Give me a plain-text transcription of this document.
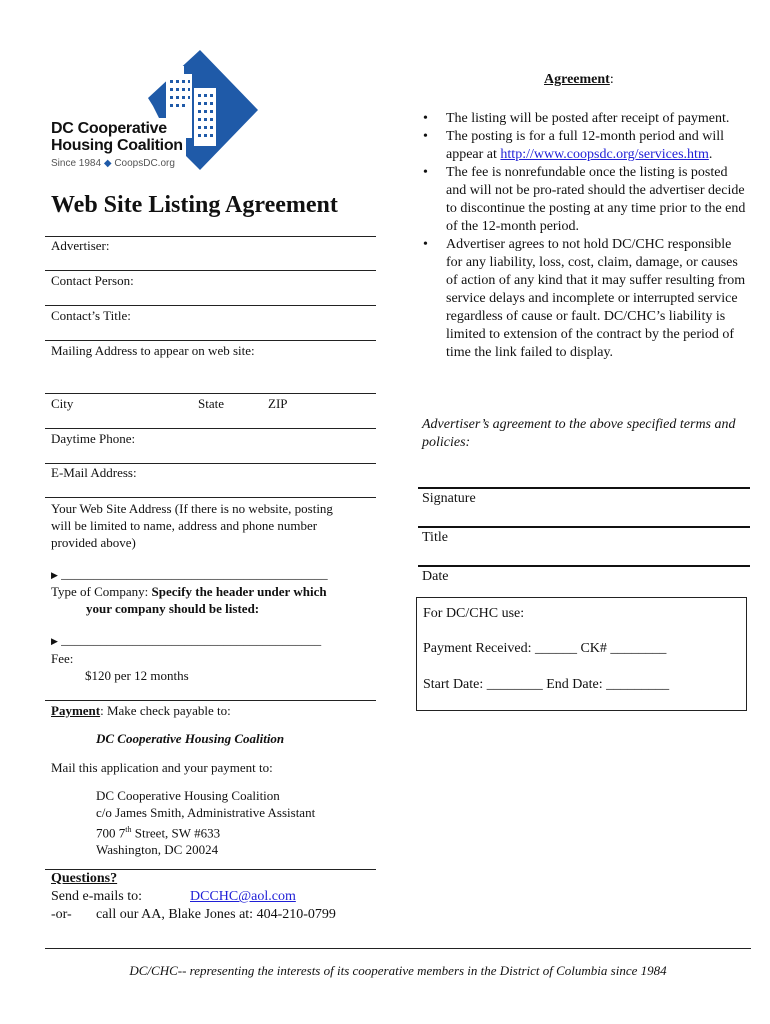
DC Cooperative
Housing Coalition
Since 1984 ◆ CoopsDC.org
Web Site Listing Agreement
Advertiser:
Contact Person:
Contact’s Title:
Mailing Address to appear on web site:
City	State	ZIP
Daytime Phone:
E-Mail Address:
Your Web Site Address (If there is no website, posting
will be limited to name, address and phone number
provided above)
▶ _________________________________________
Type of Company: Specify the header under which
your company should be listed:
▶ ________________________________________
Fee:
$120 per 12 months
Payment: Make check payable to:
DC Cooperative Housing Coalition
Mail this application and your payment to:
DC Cooperative Housing Coalition
c/o James Smith, Administrative Assistant
700 7th Street, SW #633
Washington, DC 20024
Questions?
Send e-mails to:	DCCHC@aol.com
-or- call our AA, Blake Jones at: 404-210-0799
Agreement:
• The listing will be posted after receipt of payment.
• The posting is for a full 12-month period and will appear at http://www.coopsdc.org/services.htm.
• The fee is nonrefundable once the listing is posted and will not be pro-rated should the advertiser decide to discontinue the posting at any time prior to the end of the 12-month period.
• Advertiser agrees to not hold DC/CHC responsible for any liability, loss, cost, claim, damage, or causes of action of any kind that it may suffer resulting from service delays and incomplete or interrupted service regardless of cause or fault. DC/CHC’s liability is limited to extension of the contract by the period of time the link failed to display.
Advertiser’s agreement to the above specified terms and policies:
Signature
Title
Date
For DC/CHC use:
Payment Received: ______ CK# ________
Start Date: ________ End Date: _________
DC/CHC-- representing the interests of its cooperative members in the District of Columbia since 1984
